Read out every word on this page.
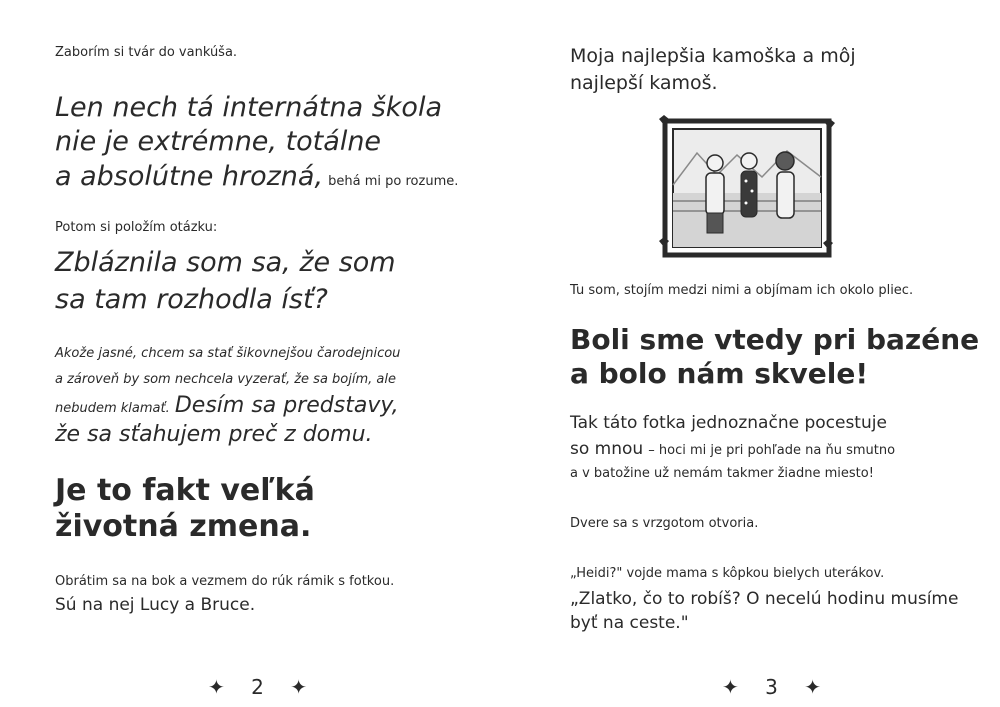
Zaborím si tvár do vankúša.

Len nech tá internátna škola

nie je extrémne, totálne

a absolútne hrozná, behá mi po rozume.

Potom si položím otázku:

Zbláznila som sa, že som

sa tam rozhodla ísť?

Akože jasné, chcem sa stať šikovnejšou čarodejnicou

a zároveň by som nechcela vyzerať, že sa bojím, ale

nebudem klamať. Desím sa predstavy,

že sa sťahujem preč z domu.

Je to fakt veľká

životná zmena.

Obrátim sa na bok a vezmem do rúk rámik s fotkou.

Sú na nej Lucy a Bruce.

✦ 2 ✦

Moja najlepšia kamoška a môj

najlepší kamoš.

Tu som, stojím medzi nimi a objímam ich okolo pliec.

Boli sme vtedy pri bazéne

a bolo nám skvele!

Tak táto fotka jednoznačne pocestuje

so mnou – hoci mi je pri pohľade na ňu smutno

a v batožine už nemám takmer žiadne miesto!

Dvere sa s vrzgotom otvoria.

„Heidi?" vojde mama s kôpkou bielych uterákov.

„Zlatko, čo to robíš? O necelú hodinu musíme

byť na ceste."

✦ 3 ✦
